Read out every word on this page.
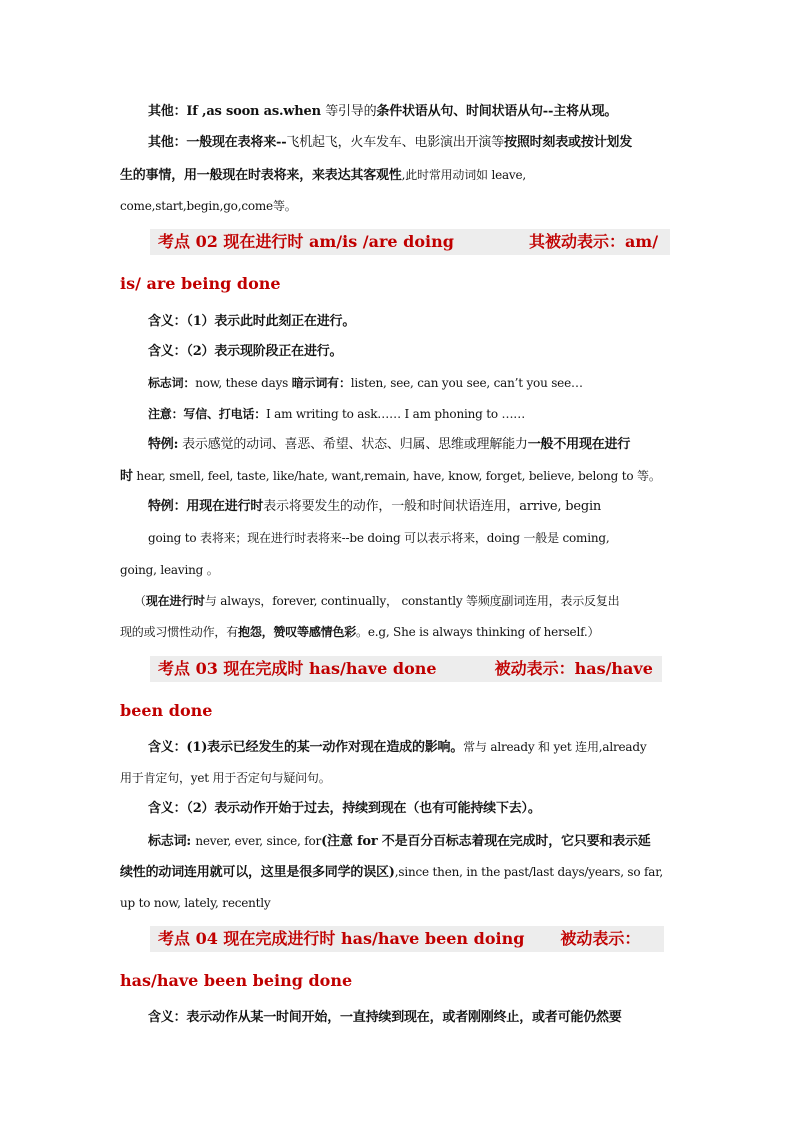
其他：If ,as soon as.when 等引导的条件状语从句、时间状语从句--主将从现。
其他：一般现在表将来--飞机起飞，火车发车、电影演出开演等按照时刻表或按计划发
生的事情，用一般现在时表将来，来表达其客观性,此时常用动词如 leave,
come,start,begin,go,come等。
考点 02 现在进行时 am/is /are doing	其被动表示：am/
is/ are being done
含义：（1）表示此时此刻正在进行。
含义：（2）表示现阶段正在进行。
标志词：now, these days 暗示词有：listen, see, can you see, can’t you see…
注意：写信、打电话：I am writing to ask…… I am phoning to ……
特例: 表示感觉的动词、喜恶、希望、状态、归属、思维或理解能力一般不用现在进行
时 hear, smell, feel, taste, like/hate, want,remain, have, know, forget, believe, belong to 等。
特例：用现在进行时表示将要发生的动作，一般和时间状语连用，arrive, begin
going to 表将来；现在进行时表将来--be doing 可以表示将来，doing 一般是 coming,
going, leaving 。
（现在进行时与 always，forever, continually， constantly 等频度副词连用，表示反复出
现的或习惯性动作，有抱怨，赞叹等感情色彩。e.g, She is always thinking of herself.）
考点 03 现在完成时 has/have done	被动表示：has/have
been done
含义：(1)表示已经发生的某一动作对现在造成的影响。常与 already 和 yet 连用,already
用于肯定句，yet 用于否定句与疑问句。
含义：（2）表示动作开始于过去，持续到现在（也有可能持续下去）。
标志词: never, ever, since, for(注意 for 不是百分百标志着现在完成时，它只要和表示延
续性的动词连用就可以，这里是很多同学的误区),since then, in the past/last days/years, so far,
up to now, lately, recently
考点 04 现在完成进行时 has/have been doing 被动表示：
has/have been being done
含义：表示动作从某一时间开始，一直持续到现在，或者刚刚终止，或者可能仍然要
